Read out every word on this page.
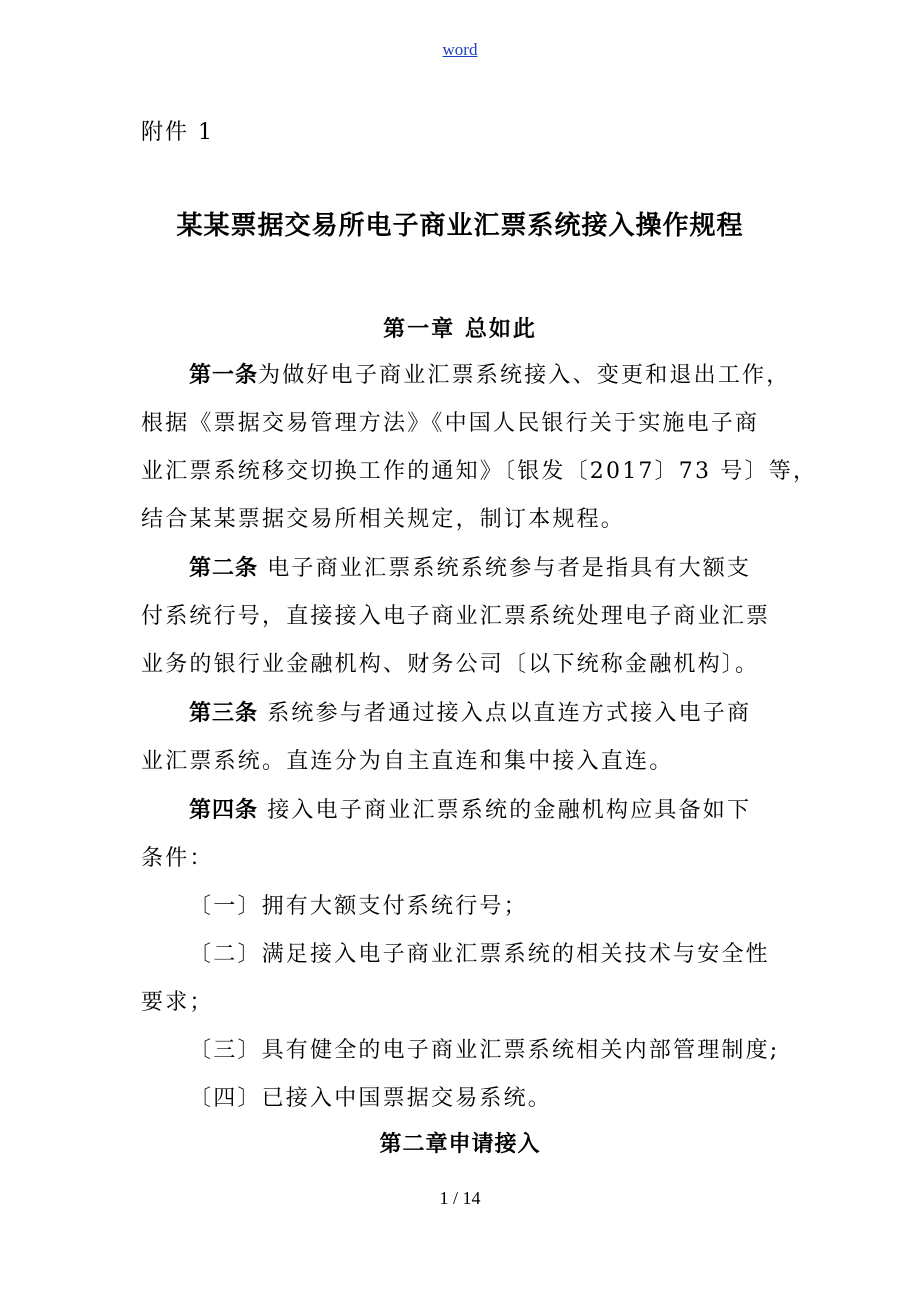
word
附件 1
某某票据交易所电子商业汇票系统接入操作规程
第一章 总如此
第一条为做好电子商业汇票系统接入、变更和退出工作，
根据《票据交易管理方法》《中国人民银行关于实施电子商
业汇票系统移交切换工作的通知》〔银发〔2017〕73 号〕等，
结合某某票据交易所相关规定，制订本规程。
第二条 电子商业汇票系统系统参与者是指具有大额支
付系统行号，直接接入电子商业汇票系统处理电子商业汇票
业务的银行业金融机构、财务公司〔以下统称金融机构〕。
第三条 系统参与者通过接入点以直连方式接入电子商
业汇票系统。直连分为自主直连和集中接入直连。
第四条 接入电子商业汇票系统的金融机构应具备如下
条件：
〔一〕拥有大额支付系统行号；
〔二〕满足接入电子商业汇票系统的相关技术与安全性
要求；
〔三〕具有健全的电子商业汇票系统相关内部管理制度;
〔四〕已接入中国票据交易系统。
第二章申请接入
1 / 14
